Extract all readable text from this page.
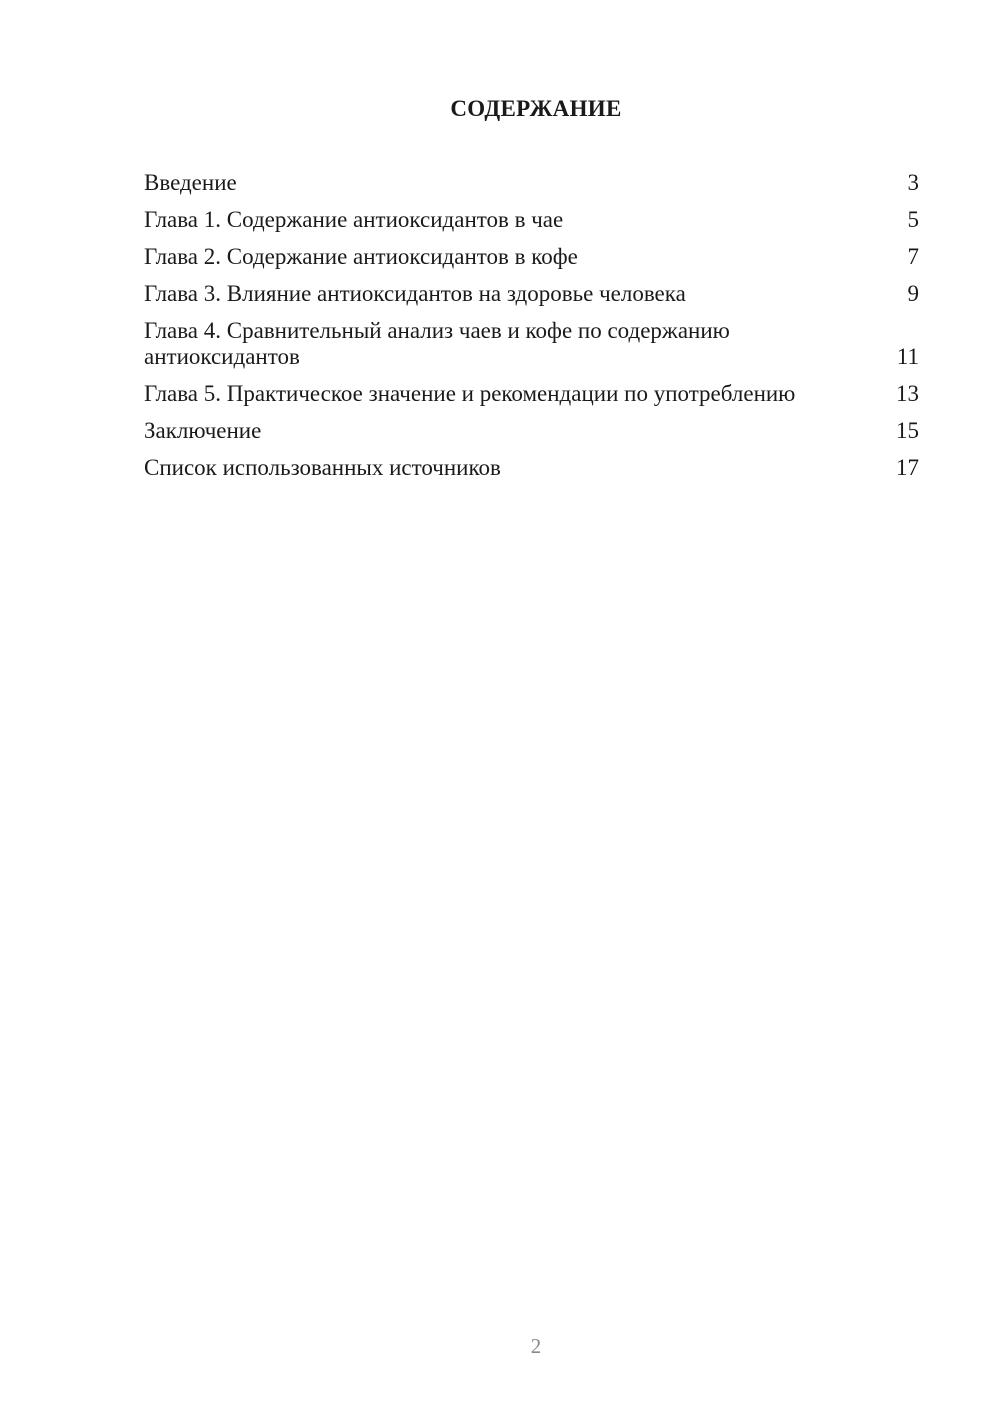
СОДЕРЖАНИЕ
Введение	3
Глава 1. Содержание антиоксидантов в чае	5
Глава 2. Содержание антиоксидантов в кофе	7
Глава 3. Влияние антиоксидантов на здоровье человека	9
Глава 4. Сравнительный анализ чаев и кофе по содержанию антиоксидантов	11
Глава 5. Практическое значение и рекомендации по употреблению	13
Заключение	15
Список использованных источников	17
2
